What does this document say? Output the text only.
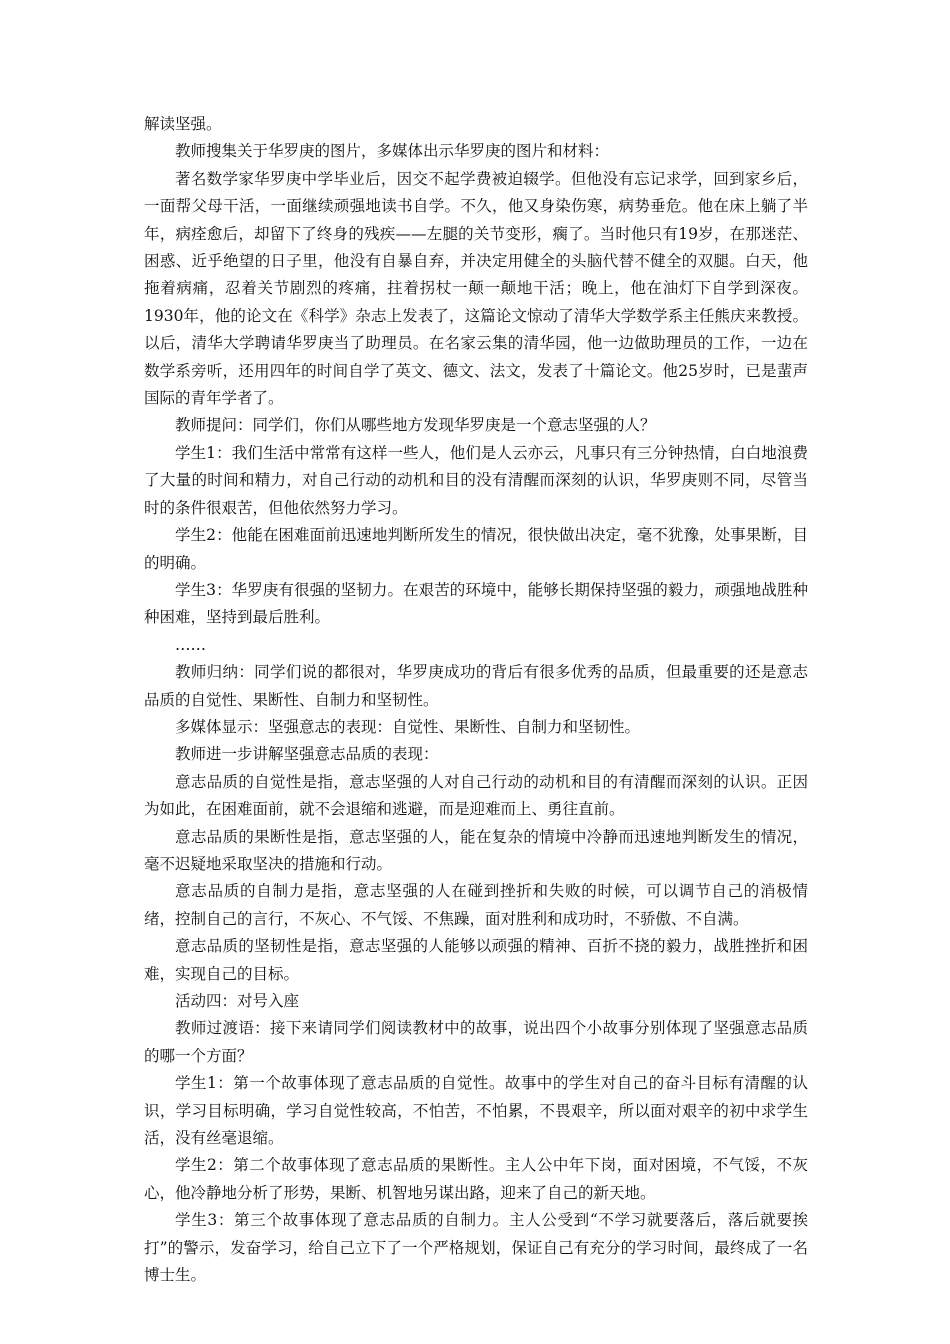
解读坚强。

教师搜集关于华罗庚的图片，多媒体出示华罗庚的图片和材料：

著名数学家华罗庚中学毕业后，因交不起学费被迫辍学。但他没有忘记求学，回到家乡后，一面帮父母干活，一面继续顽强地读书自学。不久，他又身染伤寒，病势垂危。他在床上躺了半年，病痊愈后，却留下了终身的残疾——左腿的关节变形，瘸了。当时他只有19岁，在那迷茫、困惑、近乎绝望的日子里，他没有自暴自弃，并决定用健全的头脑代替不健全的双腿。白天，他拖着病痛，忍着关节剧烈的疼痛，拄着拐杖一颠一颠地干活；晚上，他在油灯下自学到深夜。1930年，他的论文在《科学》杂志上发表了，这篇论文惊动了清华大学数学系主任熊庆来教授。以后，清华大学聘请华罗庚当了助理员。在名家云集的清华园，他一边做助理员的工作，一边在数学系旁听，还用四年的时间自学了英文、德文、法文，发表了十篇论文。他25岁时，已是蜚声国际的青年学者了。

教师提问：同学们，你们从哪些地方发现华罗庚是一个意志坚强的人？

学生1：我们生活中常常有这样一些人，他们是人云亦云，凡事只有三分钟热情，白白地浪费了大量的时间和精力，对自己行动的动机和目的没有清醒而深刻的认识，华罗庚则不同，尽管当时的条件很艰苦，但他依然努力学习。

学生2：他能在困难面前迅速地判断所发生的情况，很快做出决定，毫不犹豫，处事果断，目的明确。

学生3：华罗庚有很强的坚韧力。在艰苦的环境中，能够长期保持坚强的毅力，顽强地战胜种种困难，坚持到最后胜利。

……

教师归纳：同学们说的都很对，华罗庚成功的背后有很多优秀的品质，但最重要的还是意志品质的自觉性、果断性、自制力和坚韧性。

多媒体显示：坚强意志的表现：自觉性、果断性、自制力和坚韧性。

教师进一步讲解坚强意志品质的表现：

意志品质的自觉性是指，意志坚强的人对自己行动的动机和目的有清醒而深刻的认识。正因为如此，在困难面前，就不会退缩和逃避，而是迎难而上、勇往直前。

意志品质的果断性是指，意志坚强的人，能在复杂的情境中冷静而迅速地判断发生的情况，毫不迟疑地采取坚决的措施和行动。

意志品质的自制力是指，意志坚强的人在碰到挫折和失败的时候，可以调节自己的消极情绪，控制自己的言行，不灰心、不气馁、不焦躁，面对胜利和成功时，不骄傲、不自满。

意志品质的坚韧性是指，意志坚强的人能够以顽强的精神、百折不挠的毅力，战胜挫折和困难，实现自己的目标。

活动四：对号入座

教师过渡语：接下来请同学们阅读教材中的故事，说出四个小故事分别体现了坚强意志品质的哪一个方面？

学生1：第一个故事体现了意志品质的自觉性。故事中的学生对自己的奋斗目标有清醒的认识，学习目标明确，学习自觉性较高，不怕苦，不怕累，不畏艰辛，所以面对艰辛的初中求学生活，没有丝毫退缩。

学生2：第二个故事体现了意志品质的果断性。主人公中年下岗，面对困境，不气馁，不灰心，他冷静地分析了形势，果断、机智地另谋出路，迎来了自己的新天地。

学生3：第三个故事体现了意志品质的自制力。主人公受到“不学习就要落后，落后就要挨打”的警示，发奋学习，给自己立下了一个严格规划，保证自己有充分的学习时间，最终成了一名博士生。
